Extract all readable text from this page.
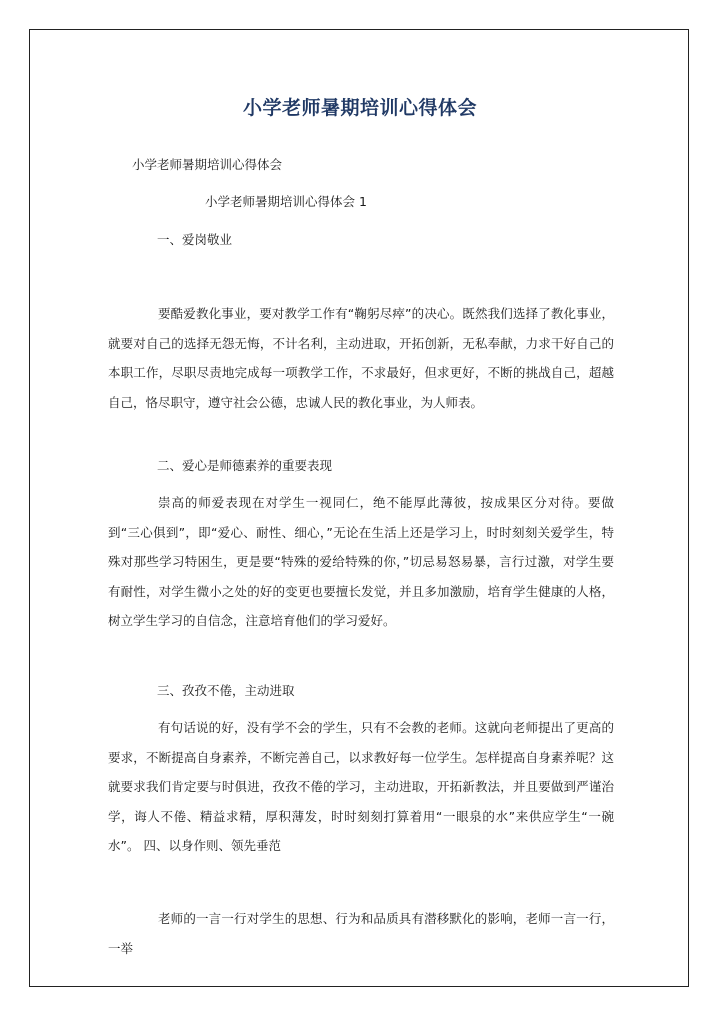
小学老师暑期培训心得体会
小学老师暑期培训心得体会
小学老师暑期培训心得体会 1
一、爱岗敬业

要酷爱教化事业，要对教学工作有“鞠躬尽瘁”的决心。既然我们选择了教化事业，就要对自己的选择无怨无悔，不计名利，主动进取，开拓创新，无私奉献，力求干好自己的本职工作，尽职尽责地完成每一项教学工作，不求最好，但求更好，不断的挑战自己，超越自己，恪尽职守，遵守社会公德，忠诚人民的教化事业，为人师表。

二、爱心是师德素养的重要表现

崇高的师爱表现在对学生一视同仁，绝不能厚此薄彼，按成果区分对待。要做到“三心俱到”，即“爱心、耐性、细心，”无论在生活上还是学习上，时时刻刻关爱学生，特殊对那些学习特困生，更是要“特殊的爱给特殊的你，”切忌易怒易暴，言行过激，对学生要有耐性，对学生微小之处的好的变更也要擅长发觉，并且多加激励，培育学生健康的人格，树立学生学习的自信念，注意培育他们的学习爱好。

三、孜孜不倦，主动进取

有句话说的好，没有学不会的学生，只有不会教的老师。这就向老师提出了更高的要求，不断提高自身素养，不断完善自己，以求教好每一位学生。怎样提高自身素养呢？这就要求我们肯定要与时俱进，孜孜不倦的学习，主动进取，开拓新教法，并且要做到严谨治学，诲人不倦、精益求精，厚积薄发，时时刻刻打算着用“一眼泉的水”来供应学生“一碗水”。 四、以身作则、领先垂范

老师的一言一行对学生的思想、行为和品质具有潜移默化的影响，老师一言一行，一举
